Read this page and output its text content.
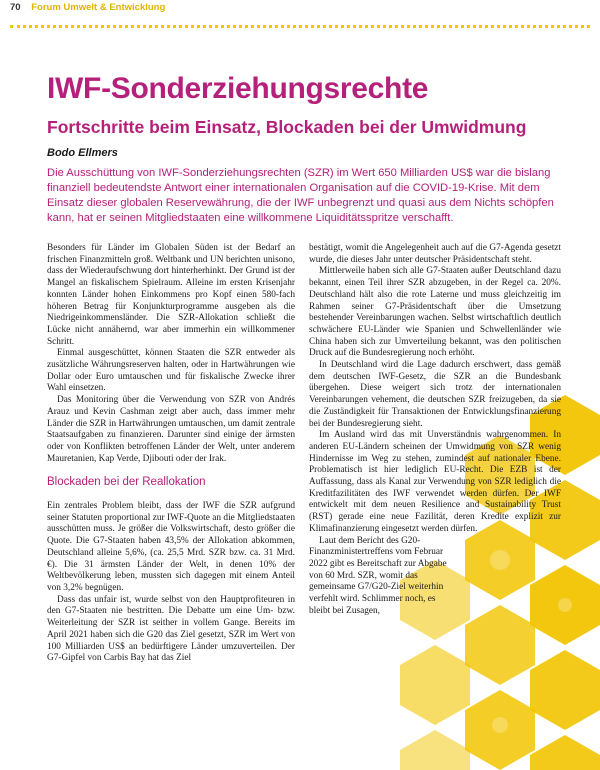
70 Forum Umwelt & Entwicklung
IWF-Sonderziehungsrechte
Fortschritte beim Einsatz, Blockaden bei der Umwidmung
Bodo Ellmers

Die Ausschüttung von IWF-Sonderziehungsrechten (SZR) im Wert 650 Milliarden US$ war die bislang finanziell bedeutendste Antwort einer internationalen Organisation auf die COVID-19-Krise. Mit dem Einsatz dieser globalen Reservewährung, die der IWF unbegrenzt und quasi aus dem Nichts schöpfen kann, hat er seinen Mitgliedstaaten eine willkommene Liquiditätsspritze verschafft.

Besonders für Länder im Globalen Süden ist der Bedarf an frischen Finanzmitteln groß. Weltbank und UN berichten unisono, dass der Wiederaufschwung dort hinterherhinkt. Der Grund ist der Mangel an fiskalischem Spielraum. Alleine im ersten Krisenjahr konnten Länder hohen Einkommens pro Kopf einen 580-fach höheren Betrag für Konjunkturprogramme ausgeben als die Niedrigeinkommensländer. Die SZR-Allokation schließt die Lücke nicht annähernd, war aber immerhin ein willkommener Schritt.

Einmal ausgeschüttet, können Staaten die SZR entweder als zusätzliche Währungsreserven halten, oder in Hartwährungen wie Dollar oder Euro umtauschen und für fiskalische Zwecke ihrer Wahl einsetzen.

Das Monitoring über die Verwendung von SZR von Andrés Arauz und Kevin Cashman zeigt aber auch, dass immer mehr Länder die SZR in Hartwährungen umtauschen, um damit zentrale Staatsaufgaben zu finanzieren. Darunter sind einige der ärmsten oder von Konflikten betroffenen Länder der Welt, unter anderem Mauretanien, Kap Verde, Djibouti oder der Irak.

Blockaden bei der Reallokation

Ein zentrales Problem bleibt, dass der IWF die SZR aufgrund seiner Statuten proportional zur IWF-Quote an die Mitgliedstaaten ausschütten muss. Je größer die Volkswirtschaft, desto größer die Quote. Die G7-Staaten haben 43,5% der Allokation abkommen, Deutschland alleine 5,6%, (ca. 25,5 Mrd. SZR bzw. ca. 31 Mrd. €). Die 31 ärmsten Länder der Welt, in denen 10% der Weltbevölkerung leben, mussten sich dagegen mit einem Anteil von 3,2% begnügen.

Dass das unfair ist, wurde selbst von den Hauptprofiteuren in den G7-Staaten nie bestritten. Die Debatte um eine Um- bzw. Weiterleitung der SZR ist seither in vollem Gange. Bereits im April 2021 haben sich die G20 das Ziel gesetzt, SZR im Wert von 100 Milliarden US$ an bedürftigere Länder umzuverteilen. Der G7-Gipfel von Carbis Bay hat das Ziel

bestätigt, womit die Angelegenheit auch auf die G7-Agenda gesetzt wurde, die dieses Jahr unter deutscher Präsidentschaft steht.

Mittlerweile haben sich alle G7-Staaten außer Deutschland dazu bekannt, einen Teil ihrer SZR abzugeben, in der Regel ca. 20%. Deutschland hält also die rote Laterne und muss gleichzeitig im Rahmen seiner G7-Präsidentschaft über die Umsetzung bestehender Vereinbarungen wachen. Selbst wirtschaftlich deutlich schwächere EU-Länder wie Spanien und Schwellenländer wie China haben sich zur Umverteilung bekannt, was den politischen Druck auf die Bundesregierung noch erhöht.

In Deutschland wird die Lage dadurch erschwert, dass gemäß dem deutschen IWF-Gesetz, die SZR an die Bundesbank übergehen. Diese weigert sich trotz der internationalen Vereinbarungen vehement, die deutschen SZR freizugeben, da sie die Zuständigkeit für Transaktionen der Entwicklungsfinanzierung bei der Bundesregierung sieht.

Im Ausland wird das mit Unverständnis wahrgenommen. In anderen EU-Ländern scheinen der Umwidmung von SZR wenig Hindernisse im Weg zu stehen, zumindest auf nationaler Ebene. Problematisch ist hier lediglich EU-Recht. Die EZB ist der Auffassung, dass als Kanal zur Verwendung von SZR lediglich die Kreditfazilitäten des IWF verwendet werden dürfen. Der IWF entwickelt mit dem neuen Resilience and Sustainability Trust (RST) gerade eine neue Fazilität, deren Kredite explizit zur Klimafinanzierung eingesetzt werden dürfen.

Laut dem Bericht des G20-Finanzministertreffens vom Februar 2022 gibt es Bereitschaft zur Abgabe von 60 Mrd. SZR, womit das gemeinsame G7/G20-Ziel weiterhin verfehlt wird. Schlimmer noch, es bleibt bei Zusagen,
